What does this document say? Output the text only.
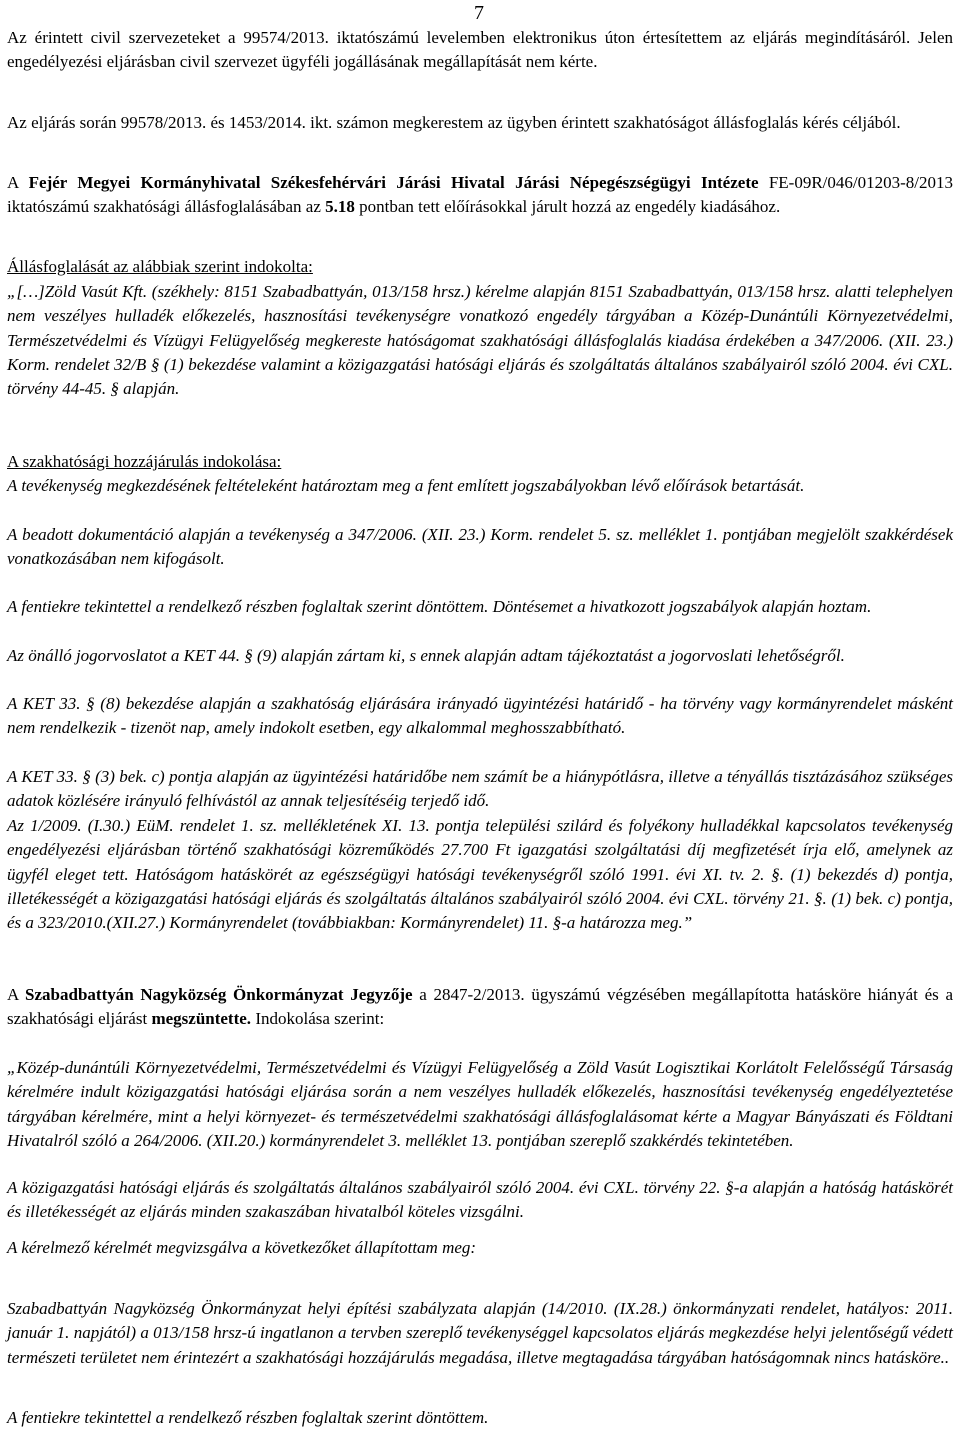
7

Az érintett civil szervezeteket a 99574/2013. iktatószámú levelemben elektronikus úton értesítettem az eljárás megindításáról. Jelen engedélyezési eljárásban civil szervezet ügyféli jogállásának megállapítását nem kérte.

Az eljárás során 99578/2013. és 1453/2014. ikt. számon megkerestem az ügyben érintett szakhatóságot állásfoglalás kérés céljából.

A Fejér Megyei Kormányhivatal Székesfehérvári Járási Hivatal Járási Népegészségügyi Intézete FE-09R/046/01203-8/2013 iktatószámú szakhatósági állásfoglalásában az 5.18 pontban tett előírásokkal járult hozzá az engedély kiadásához.

Állásfoglalását az alábbiak szerint indokolta:

„[…]Zöld Vasút Kft. (székhely: 8151 Szabadbattyán, 013/158 hrsz.) kérelme alapján 8151 Szabadbattyán, 013/158 hrsz. alatti telephelyen nem veszélyes hulladék előkezelés, hasznosítási tevékenységre vonatkozó engedély tárgyában a Közép-Dunántúli Környezetvédelmi, Természetvédelmi és Vízügyi Felügyelőség megkereste hatóságomat szakhatósági állásfoglalás kiadása érdekében a 347/2006. (XII. 23.) Korm. rendelet 32/B § (1) bekezdése valamint a közigazgatási hatósági eljárás és szolgáltatás általános szabályairól szóló 2004. évi CXL. törvény 44-45. § alapján.

A szakhatósági hozzájárulás indokolása:

A tevékenység megkezdésének feltételeként határoztam meg a fent említett jogszabályokban lévő előírások betartását.

A beadott dokumentáció alapján a tevékenység a 347/2006. (XII. 23.) Korm. rendelet 5. sz. melléklet 1. pontjában megjelölt szakkérdések vonatkozásában nem kifogásolt.

A fentiekre tekintettel a rendelkező részben foglaltak szerint döntöttem. Döntésemet a hivatkozott jogszabályok alapján hoztam.

Az önálló jogorvoslatot a KET 44. § (9) alapján zártam ki, s ennek alapján adtam tájékoztatást a jogorvoslati lehetőségről.

A KET 33. § (8) bekezdése alapján a szakhatóság eljárására irányadó ügyintézési határidő - ha törvény vagy kormányrendelet másként nem rendelkezik - tizenöt nap, amely indokolt esetben, egy alkalommal meghosszabbítható.

A KET 33. § (3) bek. c) pontja alapján az ügyintézési határidőbe nem számít be a hiánypótlásra, illetve a tényállás tisztázásához szükséges adatok közlésére irányuló felhívástól az annak teljesítéséig terjedő idő.

Az 1/2009. (I.30.) EüM. rendelet 1. sz. mellékletének XI. 13. pontja települési szilárd és folyékony hulladékkal kapcsolatos tevékenység engedélyezési eljárásban történő szakhatósági közreműködés 27.700 Ft igazgatási szolgáltatási díj megfizetését írja elő, amelynek az ügyfél eleget tett. Hatóságom hatáskörét az egészségügyi hatósági tevékenységről szóló 1991. évi XI. tv. 2. §. (1) bekezdés d) pontja, illetékességét a közigazgatási hatósági eljárás és szolgáltatás általános szabályairól szóló 2004. évi CXL. törvény 21. §. (1) bek. c) pontja, és a 323/2010.(XII.27.) Kormányrendelet (továbbiakban: Kormányrendelet) 11. §-a határozza meg.”

A Szabadbattyán Nagyközség Önkormányzat Jegyzője a 2847-2/2013. ügyszámú végzésében megállapította hatásköre hiányát és a szakhatósági eljárást megszüntette. Indokolása szerint:

„Közép-dunántúli Környezetvédelmi, Természetvédelmi és Vízügyi Felügyelőség a Zöld Vasút Logisztikai Korlátolt Felelősségű Társaság kérelmére indult közigazgatási hatósági eljárása során a nem veszélyes hulladék előkezelés, hasznosítási tevékenység engedélyeztetése tárgyában kérelmére, mint a helyi környezet- és természetvédelmi szakhatósági állásfoglalásomat kérte a Magyar Bányászati és Földtani Hivatalról szóló a 264/2006. (XII.20.) kormányrendelet 3. melléklet 13. pontjában szereplő szakkérdés tekintetében.

A közigazgatási hatósági eljárás és szolgáltatás általános szabályairól szóló 2004. évi CXL. törvény 22. §-a alapján a hatóság hatáskörét és illetékességét az eljárás minden szakaszában hivatalból köteles vizsgálni.

A kérelmező kérelmét megvizsgálva a következőket állapítottam meg:

Szabadbattyán Nagyközség Önkormányzat helyi építési szabályzata alapján (14/2010. (IX.28.) önkormányzati rendelet, hatályos: 2011. január 1. napjától) a 013/158 hrsz-ú ingatlanon a tervben szereplő tevékenységgel kapcsolatos eljárás megkezdése helyi jelentőségű védett természeti területet nem érintezért a szakhatósági hozzájárulás megadása, illetve megtagadása tárgyában hatóságomnak nincs hatásköre..

A fentiekre tekintettel a rendelkező részben foglaltak szerint döntöttem.
